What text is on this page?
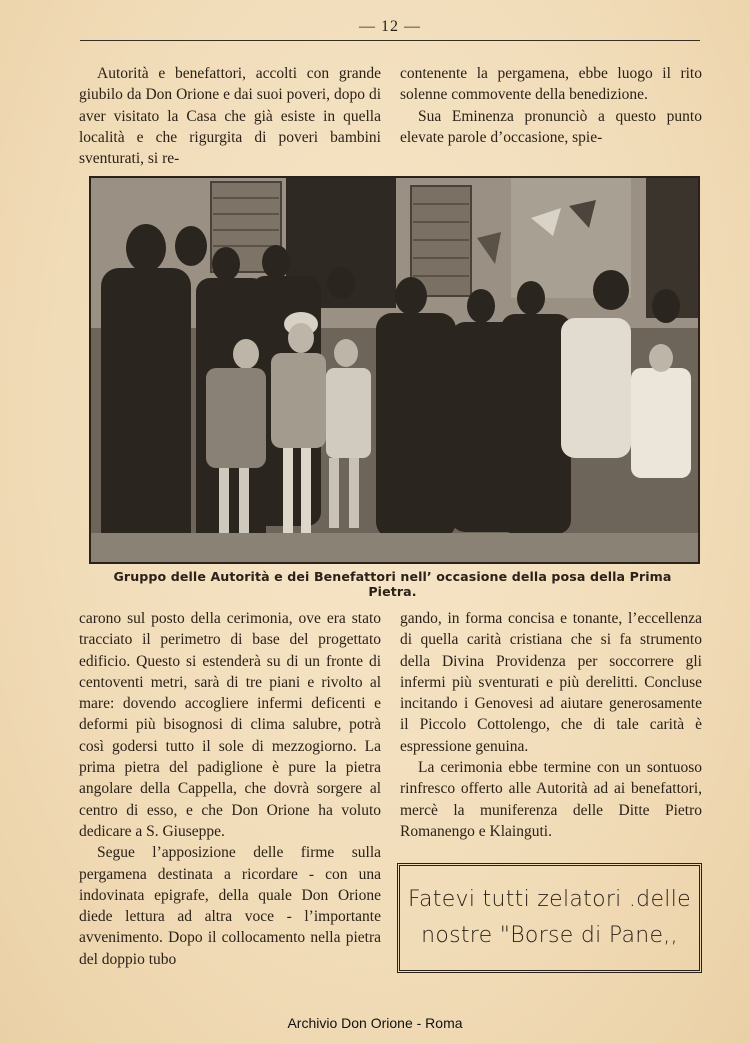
— 12 —

Autorità e benefattori, accolti con grande giubilo da Don Orione e dai suoi poveri, dopo di aver visitato la Casa che già esiste in quella località e che rigurgita di poveri bambini sventurati, si re-

contenente la pergamena, ebbe luogo il rito solenne commovente della benedizione.

Sua Eminenza pronunciò a questo punto elevate parole d’occasione, spie-

Gruppo delle Autorità e dei Benefattori nell’ occasione della posa della Prima Pietra.

carono sul posto della cerimonia, ove era stato tracciato il perimetro di base del progettato edificio. Questo si estenderà su di un fronte di centoventi metri, sarà di tre piani e rivolto al mare: dovendo accogliere infermi deficenti e deformi più bisognosi di clima salubre, potrà così godersi tutto il sole di mezzogiorno. La prima pietra del padiglione è pure la pietra angolare della Cappella, che dovrà sorgere al centro di esso, e che Don Orione ha voluto dedicare a S. Giuseppe.

Segue l’apposizione delle firme sulla pergamena destinata a ricordare - con una indovinata epigrafe, della quale Don Orione diede lettura ad altra voce - l’importante avvenimento. Dopo il collocamento nella pietra del doppio tubo

gando, in forma concisa e tonante, l’eccellenza di quella carità cristiana che si fa strumento della Divina Providenza per soccorrere gli infermi più sventurati e più derelitti. Concluse incitando i Genovesi ad aiutare generosamente il Piccolo Cottolengo, che di tale carità è espressione genuina.

La cerimonia ebbe termine con un sontuoso rinfresco offerto alle Autorità ad ai benefattori, mercè la muniferenza delle Ditte Pietro Romanengo e Klainguti.

Fatevi tutti zelatori .delle
nostre "Borse di Pane,,
Archivio Don Orione - Roma
